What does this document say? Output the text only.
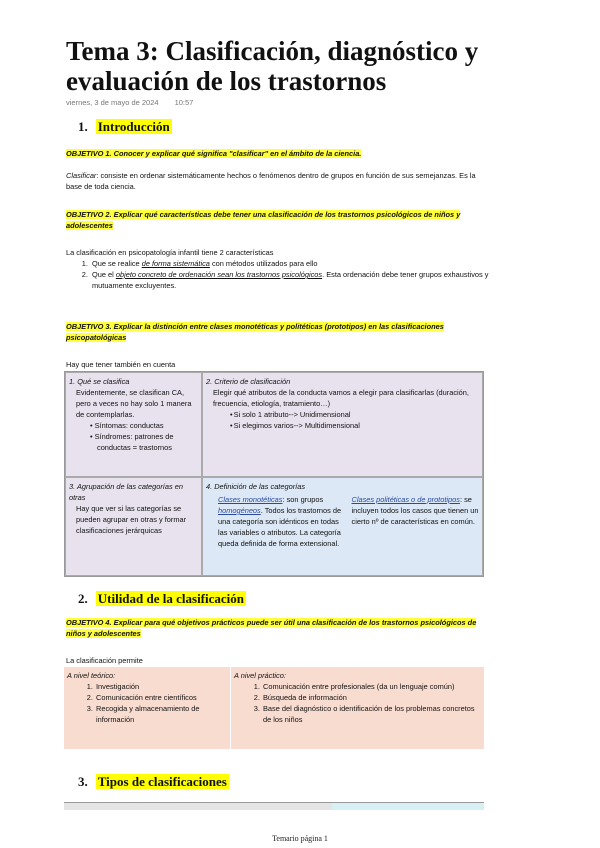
Tema 3: Clasificación, diagnóstico y evaluación de los trastornos
viernes, 3 de mayo de 2024 10:57
1. Introducción
OBJETIVO 1. Conocer y explicar qué significa "clasificar" en el ámbito de la ciencia.
Clasificar: consiste en ordenar sistemáticamente hechos o fenómenos dentro de grupos en función de sus semejanzas. Es la base de toda ciencia.
OBJETIVO 2. Explicar qué características debe tener una clasificación de los trastornos psicológicos de niños y adolescentes
La clasificación en psicopatología infantil tiene 2 características
1. Que se realice de forma sistemática con métodos utilizados para ello
2. Que el objeto concreto de ordenación sean los trastornos psicológicos. Esta ordenación debe tener grupos exhaustivos y mutuamente excluyentes.
OBJETIVO 3. Explicar la distinción entre clases monotéticas y politéticas (prototipos) en las clasificaciones psicopatológicas
Hay que tener también en cuenta
1. Qué se clasifica
Evidentemente, se clasifican CA, pero a veces no hay solo 1 manera de contemplarlas.
• Síntomas: conductas
• Síndromes: patrones de conductas = trastornos
2. Criterio de clasificación
Elegir qué atributos de la conducta vamos a elegir para clasificarlas (duración, frecuencia, etiología, tratamiento…)
• Si solo 1 atributo--> Unidimensional
• Si elegimos varios--> Multidimensional
3. Agrupación de las categorías en otras
Hay que ver si las categorías se pueden agrupar en otras y formar clasificaciones jerárquicas
4. Definición de las categorías
Clases monotéticas: son grupos homogéneos. Todos los trastornos de una categoría son idénticos en todas las variables o atributos. La categoría queda definida de forma extensional.
Clases politéticas o de prototipos: se incluyen todos los casos que tienen un cierto nº de características en común.
2. Utilidad de la clasificación
OBJETIVO 4. Explicar para qué objetivos prácticos puede ser útil una clasificación de los trastornos psicológicos de niños y adolescentes
La clasificación permite
A nivel teórico:
1. Investigación
2. Comunicación entre científicos
3. Recogida y almacenamiento de información
A nivel práctico:
1. Comunicación entre profesionales (da un lenguaje común)
2. Búsqueda de información
3. Base del diagnóstico o identificación de los problemas concretos de los niños
3. Tipos de clasificaciones
Temario página 1
